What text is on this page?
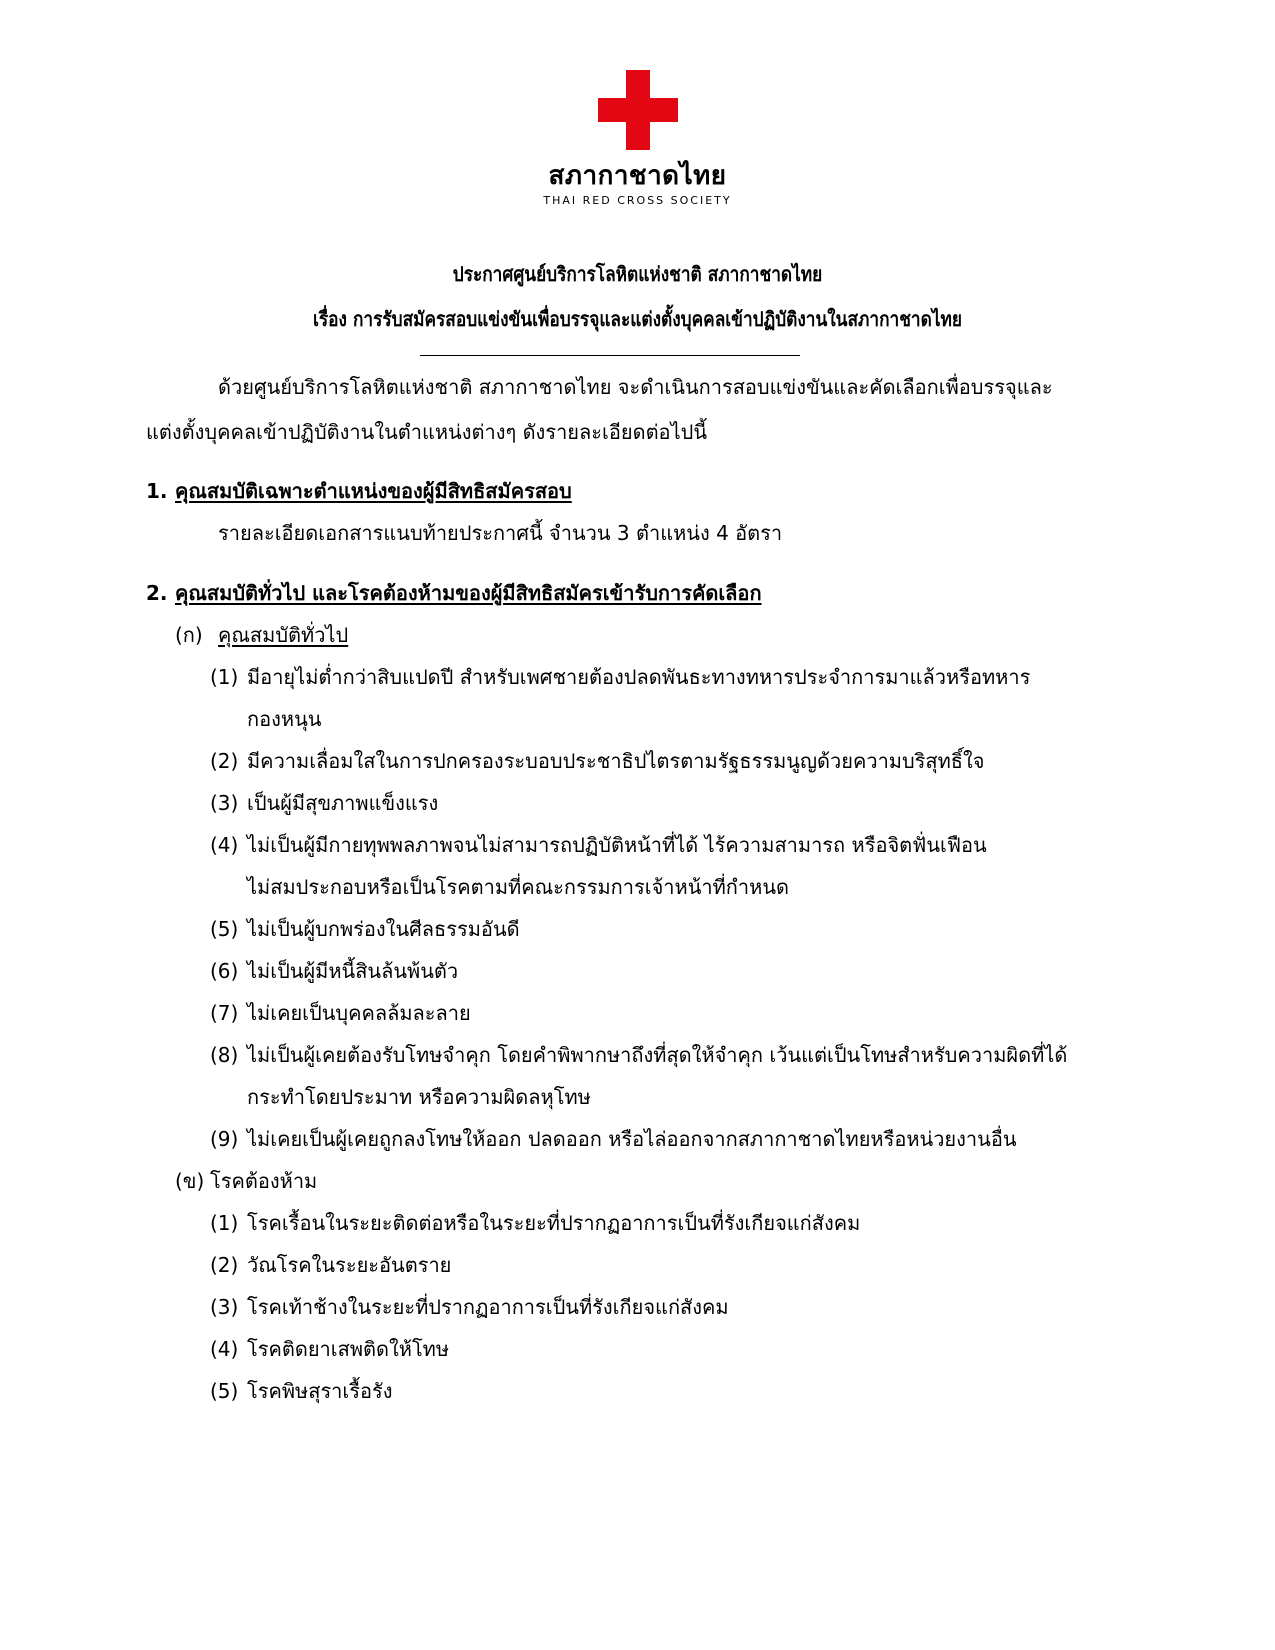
สภากาชาดไทย
THAI RED CROSS SOCIETY
ประกาศศูนย์บริการโลหิตแห่งชาติ สภากาชาดไทย
เรื่อง การรับสมัครสอบแข่งขันเพื่อบรรจุและแต่งตั้งบุคคลเข้าปฏิบัติงานในสภากาชาดไทย
ด้วยศูนย์บริการโลหิตแห่งชาติ สภากาชาดไทย จะดำเนินการสอบแข่งขันและคัดเลือกเพื่อบรรจุและ
แต่งตั้งบุคคลเข้าปฏิบัติงานในตำแหน่งต่างๆ ดังรายละเอียดต่อไปนี้
1. คุณสมบัติเฉพาะตำแหน่งของผู้มีสิทธิสมัครสอบ
รายละเอียดเอกสารแนบท้ายประกาศนี้ จำนวน 3 ตำแหน่ง 4 อัตรา
2. คุณสมบัติทั่วไป และโรคต้องห้ามของผู้มีสิทธิสมัครเข้ารับการคัดเลือก
(ก) คุณสมบัติทั่วไป
(1) มีอายุไม่ต่ำกว่าสิบแปดปี สำหรับเพศชายต้องปลดพันธะทางทหารประจำการมาแล้วหรือทหาร
กองหนุน
(2) มีความเลื่อมใสในการปกครองระบอบประชาธิปไตรตามรัฐธรรมนูญด้วยความบริสุทธิ์ใจ
(3) เป็นผู้มีสุขภาพแข็งแรง
(4) ไม่เป็นผู้มีกายทุพพลภาพจนไม่สามารถปฏิบัติหน้าที่ได้ ไร้ความสามารถ หรือจิตฟั่นเฟือน
ไม่สมประกอบหรือเป็นโรคตามที่คณะกรรมการเจ้าหน้าที่กำหนด
(5) ไม่เป็นผู้บกพร่องในศีลธรรมอันดี
(6) ไม่เป็นผู้มีหนี้สินล้นพ้นตัว
(7) ไม่เคยเป็นบุคคลล้มละลาย
(8) ไม่เป็นผู้เคยต้องรับโทษจำคุก โดยคำพิพากษาถึงที่สุดให้จำคุก เว้นแต่เป็นโทษสำหรับความผิดที่ได้
กระทำโดยประมาท หรือความผิดลหุโทษ
(9) ไม่เคยเป็นผู้เคยถูกลงโทษให้ออก ปลดออก หรือไล่ออกจากสภากาชาดไทยหรือหน่วยงานอื่น
(ข) โรคต้องห้าม
(1) โรคเรื้อนในระยะติดต่อหรือในระยะที่ปรากฏอาการเป็นที่รังเกียจแก่สังคม
(2) วัณโรคในระยะอันตราย
(3) โรคเท้าช้างในระยะที่ปรากฏอาการเป็นที่รังเกียจแก่สังคม
(4) โรคติดยาเสพติดให้โทษ
(5) โรคพิษสุราเรื้อรัง
